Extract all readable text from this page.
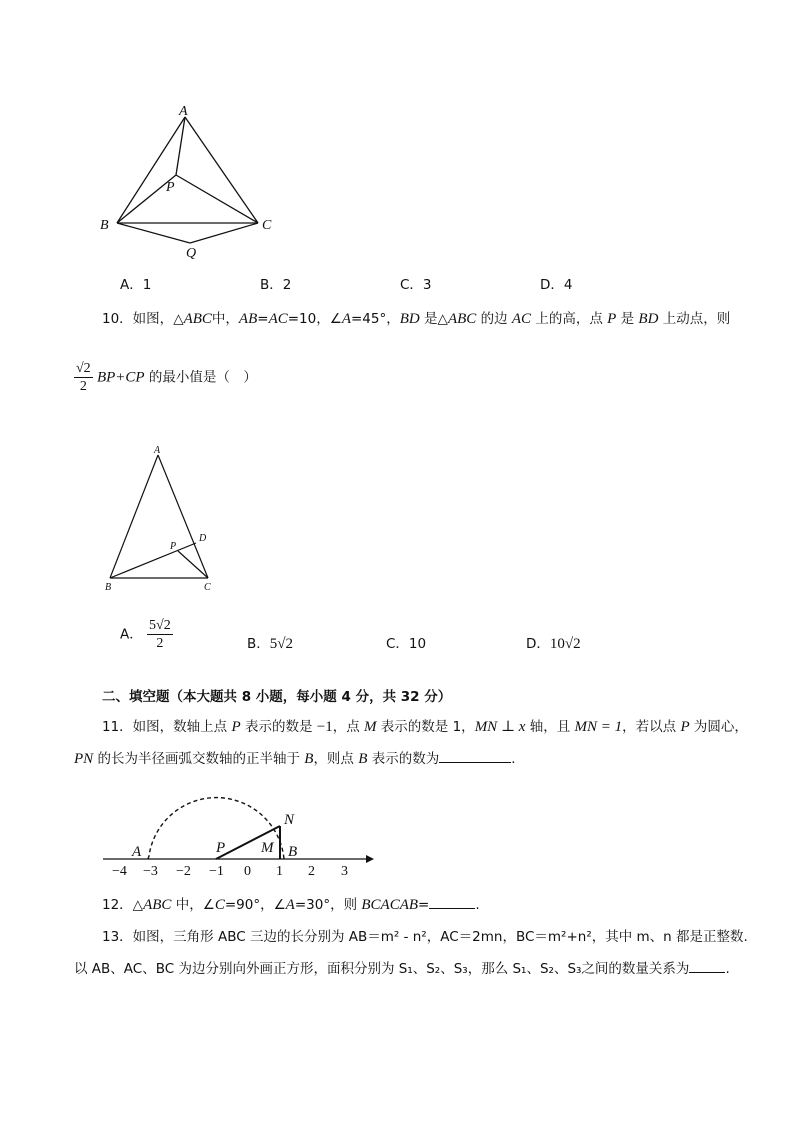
A
P
B	C
Q
A．1	B．2	C．3	D．4
10．如图，△ABC中，AB=AC=10，∠A=45°，BD 是△ABC 的边 AC 上的高，点 P 是 BD 上动点，则
$\frac{√2}{2} BP+CP$ 的最小值是（　）
A
D
P
B	C
A． $\frac{5√2}{2}$	B．5√2	C．10	D．10√2
二、填空题（本大题共 8 小题，每小题 4 分，共 32 分）
11．如图，数轴上点 P 表示的数是 −1，点 M 表示的数是 1，MN ⊥ x 轴，且 MN = 1，若以点 P 为圆心，
PN 的长为半径画弧交数轴的正半轴于 B，则点 B 表示的数为	.
−4 −3 −2 −1 0 1 2 3
A	P M
N
B
12．△ABC 中，∠C=90°，∠A=30°，则 BCACAB=	.
13．如图，三角形 ABC 三边的长分别为 AB＝m² - n²，AC＝2mn，BC＝m²+n²，其中 m、n 都是正整数.
以 AB、AC、BC 为边分别向外画正方形，面积分别为 S₁、S₂、S₃，那么 S₁、S₂、S₃之间的数量关系为	.
